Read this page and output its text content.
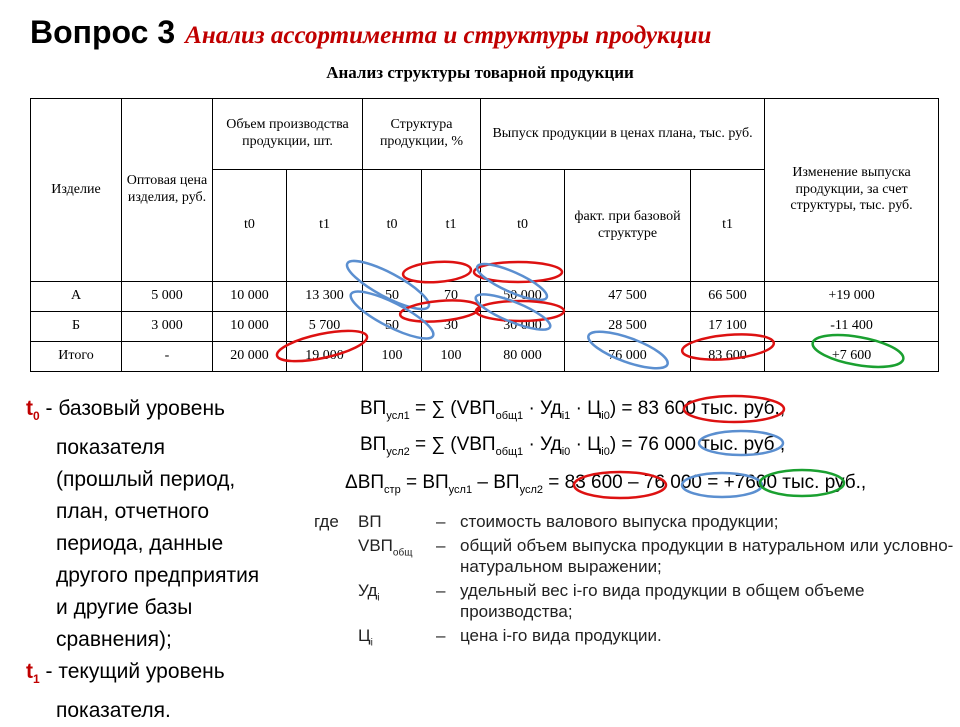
Вопрос 3 Анализ ассортимента и структуры продукции
Анализ структуры товарной продукции
Изделие	Оптовая цена изделия, руб.	Объем производства продукции, шт.		Структура продукции, %		Выпуск продукции в ценах плана, тыс. руб.			Изменение выпуска продукции, за счет структуры, тыс. руб.
		t0	t1	t0	t1	t0	факт. при базовой структуре	t1	
А	5 000	10 000	13 300	50	70	50 000	47 500	66 500	+19 000
Б	3 000	10 000	5 700	50	30	30 000	28 500	17 100	-11 400
Итого	-	20 000	19 000	100	100	80 000	76 000	83 600	+7 600

$t_0$ - базовый уровень

показателя

(прошлый период,

план, отчетного

периода, данные

другого предприятия

и другие базы

сравнения);

$t_1$ - текущий уровень

показателя.

$ВП_{усл1}$ = ∑ $(VВП_{общ1} \cdot Уд_{i1} \cdot Ц_{i0}) = 83$ 600 тыс. руб.,
$ВП_{усл2}$ = ∑ $(VВП_{общ1} \cdot Уд_{i0} \cdot Ц_{i0}) = 76$ 000 тыс. руб.,
$\Delta ВП_{стр} = ВП_{усл1} - ВП_{усл2} = 83$ 600 – 76 000 = +7600 тыс. руб.,
где	ВП	–	стоимость валового выпуска продукции;
	$VВП_{общ}$	–	общий объем выпуска продукции в натуральном или условно-натуральном выражении;
	$Уд_i$	–	удельный вес i-го вида продукции в общем объеме производства;
	$Ц_i$	–	цена i-го вида продукции.
